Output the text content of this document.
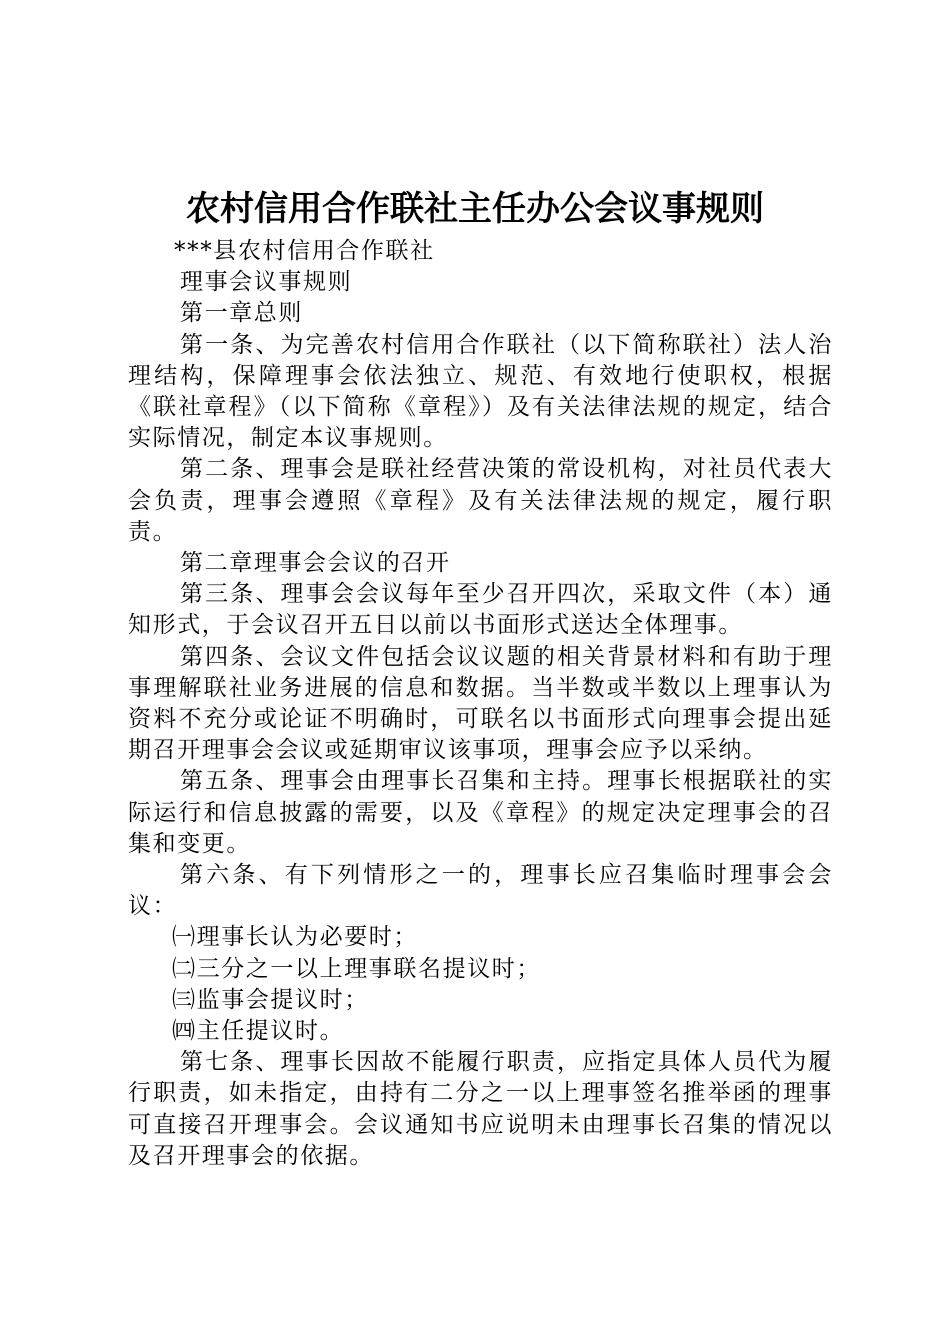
农村信用合作联社主任办公会议事规则
***县农村信用合作联社
理事会议事规则
第一章总则

第一条、为完善农村信用合作联社（以下简称联社）法人治理结构，保障理事会依法独立、规范、有效地行使职权，根据《联社章程》（以下简称《章程》）及有关法律法规的规定，结合实际情况，制定本议事规则。

第二条、理事会是联社经营决策的常设机构，对社员代表大会负责，理事会遵照《章程》及有关法律法规的规定，履行职责。

第二章理事会会议的召开

第三条、理事会会议每年至少召开四次，采取文件（本）通知形式，于会议召开五日以前以书面形式送达全体理事。

第四条、会议文件包括会议议题的相关背景材料和有助于理事理解联社业务进展的信息和数据。当半数或半数以上理事认为资料不充分或论证不明确时，可联名以书面形式向理事会提出延期召开理事会会议或延期审议该事项，理事会应予以采纳。

第五条、理事会由理事长召集和主持。理事长根据联社的实际运行和信息披露的需要，以及《章程》的规定决定理事会的召集和变更。

第六条、有下列情形之一的，理事长应召集临时理事会会议：

㈠理事长认为必要时；
㈡三分之一以上理事联名提议时；
㈢监事会提议时；
㈣主任提议时。

第七条、理事长因故不能履行职责，应指定具体人员代为履行职责，如未指定，由持有二分之一以上理事签名推举函的理事可直接召开理事会。会议通知书应说明未由理事长召集的情况以及召开理事会的依据。
